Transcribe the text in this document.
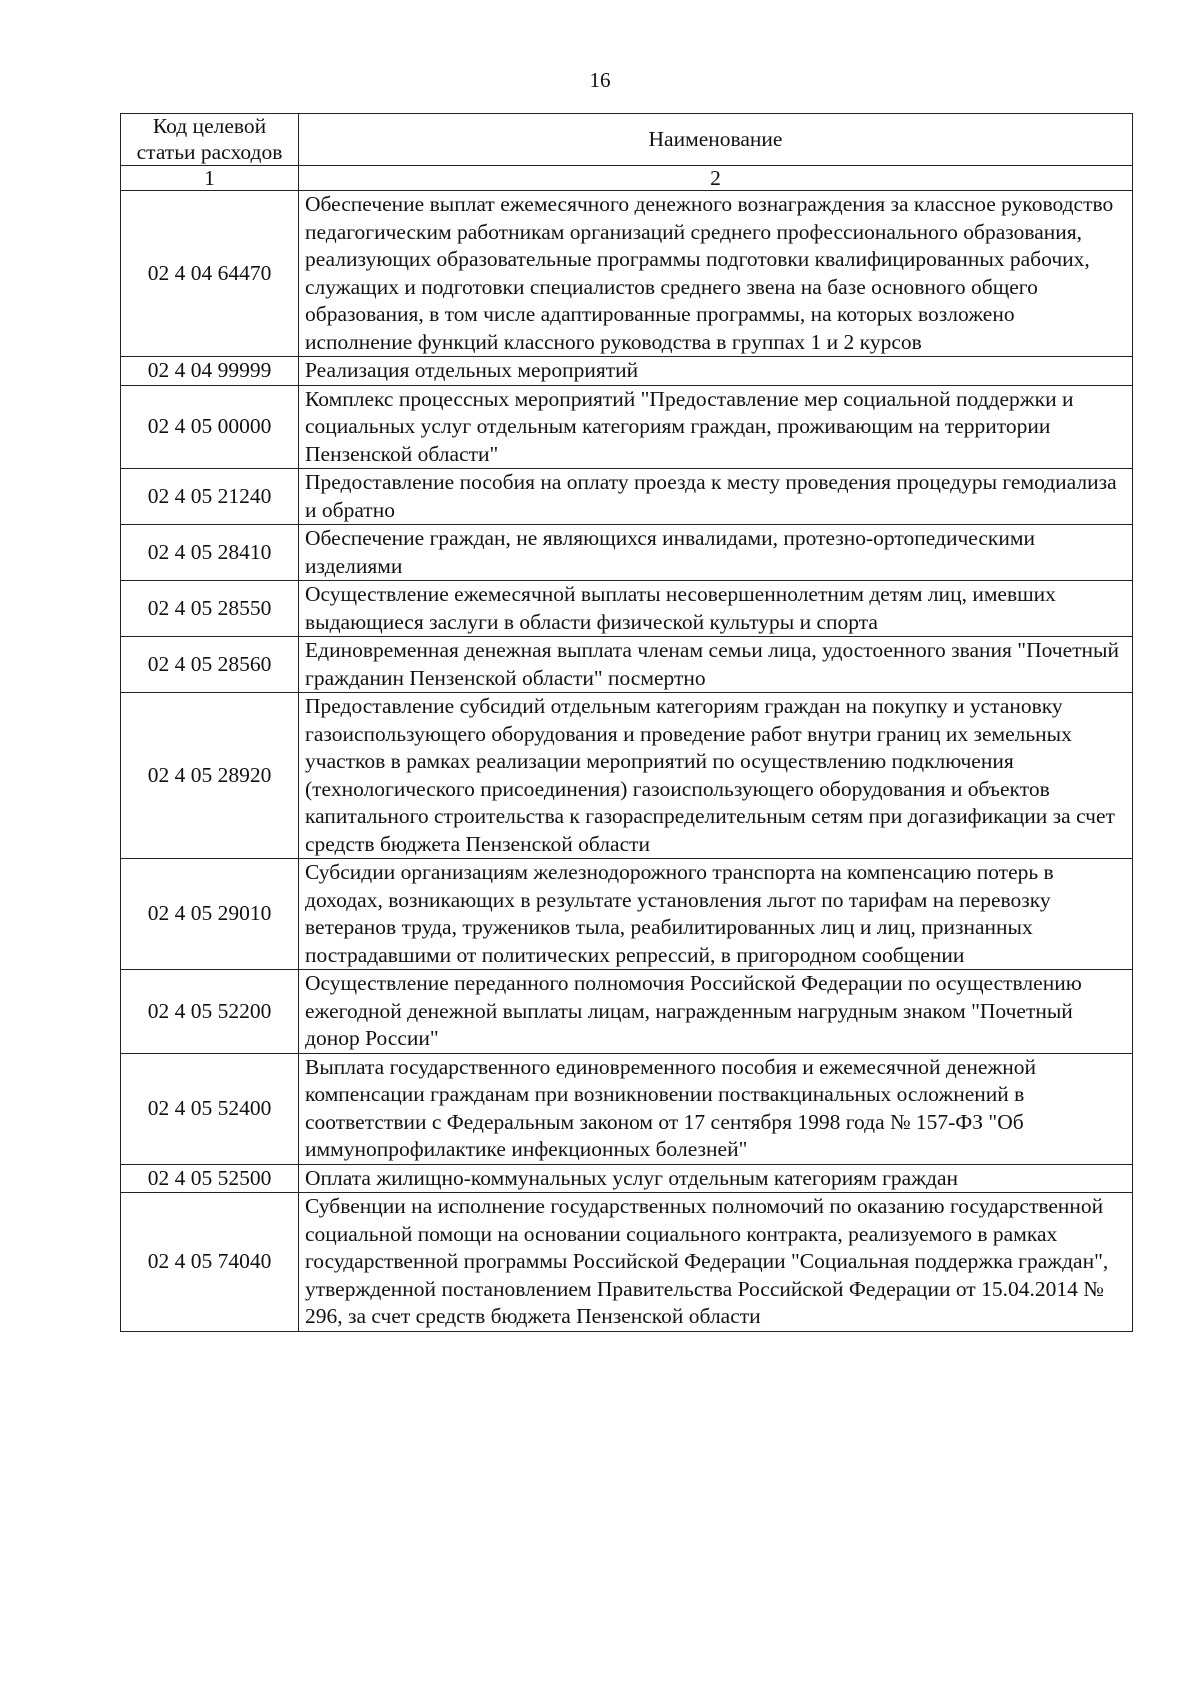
16
Код целевой статьи расходов	Наименование
1	2
02 4 04 64470	Обеспечение выплат ежемесячного денежного вознаграждения за классное руководство педагогическим работникам организаций среднего профессионального образования, реализующих образовательные программы подготовки квалифицированных рабочих, служащих и подготовки специалистов среднего звена на базе основного общего образования, в том числе адаптированные программы, на которых возложено исполнение функций классного руководства в группах 1 и 2 курсов
02 4 04 99999	Реализация отдельных мероприятий
02 4 05 00000	Комплекс процессных мероприятий "Предоставление мер социальной поддержки и социальных услуг отдельным категориям граждан, проживающим на территории Пензенской области"
02 4 05 21240	Предоставление пособия на оплату проезда к месту проведения процедуры гемодиализа и обратно
02 4 05 28410	Обеспечение граждан, не являющихся инвалидами, протезно-ортопедическими изделиями
02 4 05 28550	Осуществление ежемесячной выплаты несовершеннолетним детям лиц, имевших выдающиеся заслуги в области физической культуры и спорта
02 4 05 28560	Единовременная денежная выплата членам семьи лица, удостоенного звания "Почетный гражданин Пензенской области" посмертно
02 4 05 28920	Предоставление субсидий отдельным категориям граждан на покупку и установку газоиспользующего оборудования и проведение работ внутри границ их земельных участков в рамках реализации мероприятий по осуществлению подключения (технологического присоединения) газоиспользующего оборудования и объектов капитального строительства к газораспределительным сетям при догазификации за счет средств бюджета Пензенской области
02 4 05 29010	Субсидии организациям железнодорожного транспорта на компенсацию потерь в доходах, возникающих в результате установления льгот по тарифам на перевозку ветеранов труда, тружеников тыла, реабилитированных лиц и лиц, признанных пострадавшими от политических репрессий, в пригородном сообщении
02 4 05 52200	Осуществление переданного полномочия Российской Федерации по осуществлению ежегодной денежной выплаты лицам, награжденным нагрудным знаком "Почетный донор России"
02 4 05 52400	Выплата государственного единовременного пособия и ежемесячной денежной компенсации гражданам при возникновении поствакцинальных осложнений в соответствии с Федеральным законом от 17 сентября 1998 года № 157-ФЗ "Об иммунопрофилактике инфекционных болезней"
02 4 05 52500	Оплата жилищно-коммунальных услуг отдельным категориям граждан
02 4 05 74040	Субвенции на исполнение государственных полномочий по оказанию государственной социальной помощи на основании социального контракта, реализуемого в рамках государственной программы Российской Федерации "Социальная поддержка граждан", утвержденной постановлением Правительства Российской Федерации от 15.04.2014 № 296, за счет средств бюджета Пензенской области
